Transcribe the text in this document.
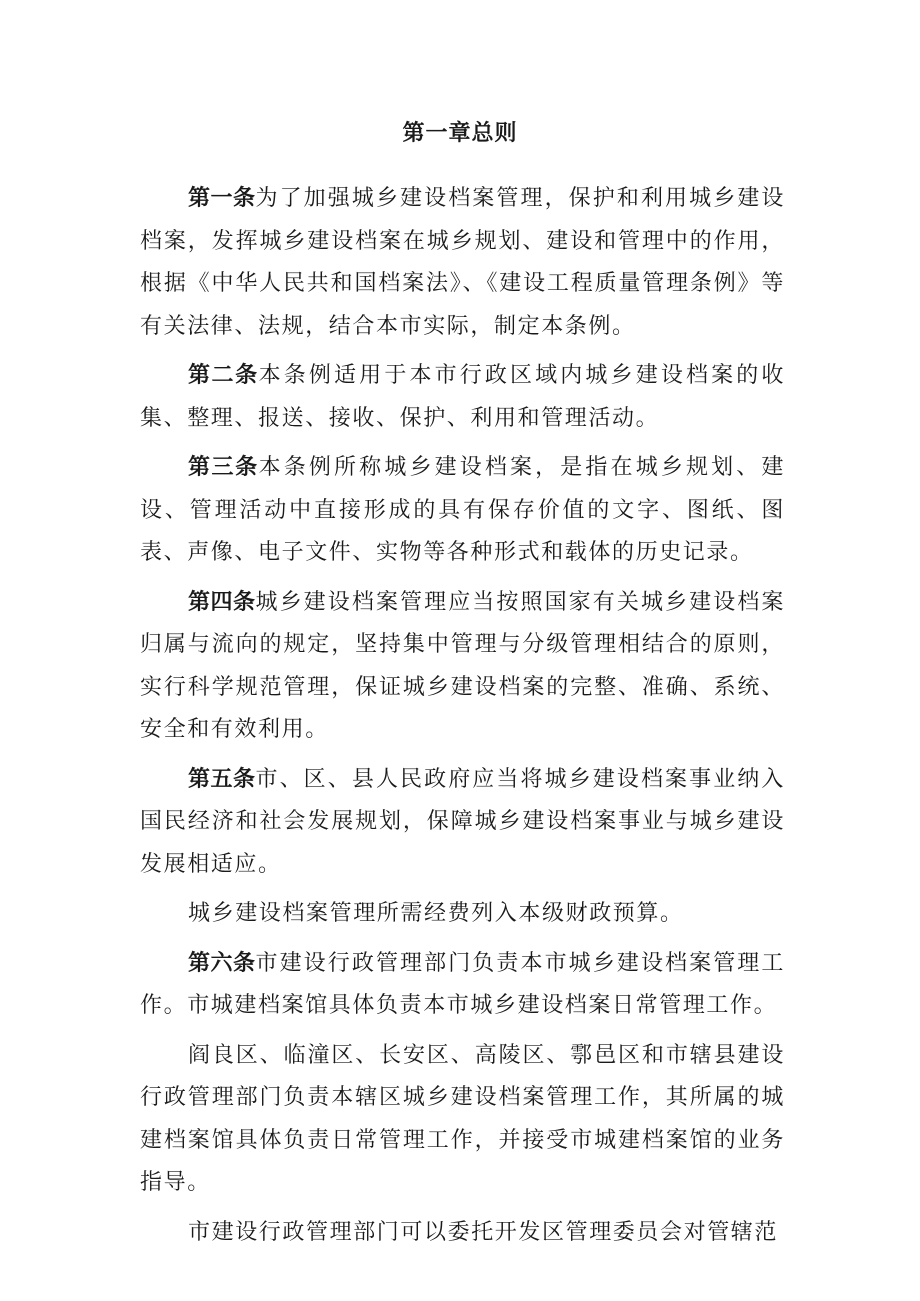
第一章总则

第一条为了加强城乡建设档案管理，保护和利用城乡建设档案，发挥城乡建设档案在城乡规划、建设和管理中的作用，根据《中华人民共和国档案法》、《建设工程质量管理条例》等有关法律、法规，结合本市实际，制定本条例。

第二条本条例适用于本市行政区域内城乡建设档案的收集、整理、报送、接收、保护、利用和管理活动。

第三条本条例所称城乡建设档案，是指在城乡规划、建设、管理活动中直接形成的具有保存价值的文字、图纸、图表、声像、电子文件、实物等各种形式和载体的历史记录。

第四条城乡建设档案管理应当按照国家有关城乡建设档案归属与流向的规定，坚持集中管理与分级管理相结合的原则，实行科学规范管理，保证城乡建设档案的完整、准确、系统、安全和有效利用。

第五条市、区、县人民政府应当将城乡建设档案事业纳入国民经济和社会发展规划，保障城乡建设档案事业与城乡建设发展相适应。

城乡建设档案管理所需经费列入本级财政预算。

第六条市建设行政管理部门负责本市城乡建设档案管理工作。市城建档案馆具体负责本市城乡建设档案日常管理工作。

阎良区、临潼区、长安区、高陵区、鄠邑区和市辖县建设行政管理部门负责本辖区城乡建设档案管理工作，其所属的城建档案馆具体负责日常管理工作，并接受市城建档案馆的业务指导。

市建设行政管理部门可以委托开发区管理委员会对管辖范
